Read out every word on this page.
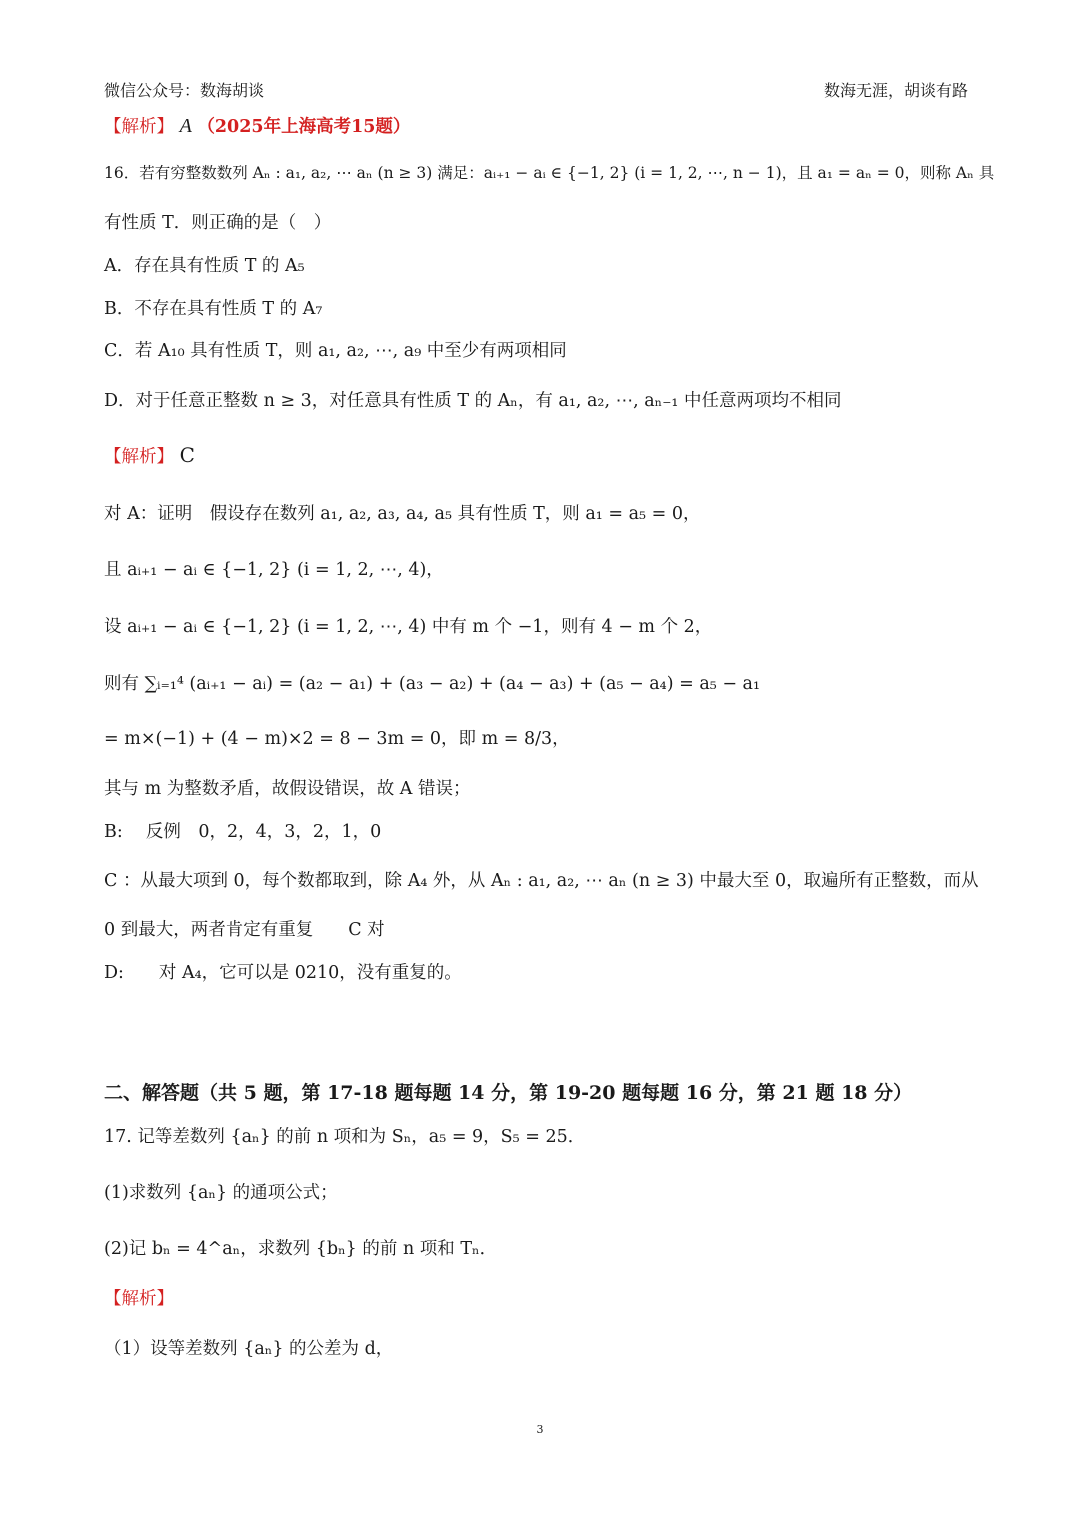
微信公众号：数海胡谈	数海无涯，胡谈有路
【解析】 A （2025年上海高考15题）
16．若有穷整数数列 Aₙ : a₁, a₂, ⋯ aₙ (n ≥ 3) 满足：aᵢ₊₁ − aᵢ ∈ {−1, 2} (i = 1, 2, ⋯, n − 1)，且 a₁ = aₙ = 0，则称 Aₙ 具
有性质 T．则正确的是（　）
A．存在具有性质 T 的 A₅
B．不存在具有性质 T 的 A₇
C．若 A₁₀ 具有性质 T，则 a₁, a₂, ⋯, a₉ 中至少有两项相同
D．对于任意正整数 n ≥ 3，对任意具有性质 T 的 Aₙ，有 a₁, a₂, ⋯, aₙ₋₁ 中任意两项均不相同
【解析】 C
对 A：证明　假设存在数列 a₁, a₂, a₃, a₄, a₅ 具有性质 T，则 a₁ = a₅ = 0，
且 aᵢ₊₁ − aᵢ ∈ {−1, 2} (i = 1, 2, ⋯, 4)，
设 aᵢ₊₁ − aᵢ ∈ {−1, 2} (i = 1, 2, ⋯, 4) 中有 m 个 −1，则有 4 − m 个 2，
则有 ∑ᵢ₌₁⁴ (aᵢ₊₁ − aᵢ) = (a₂ − a₁) + (a₃ − a₂) + (a₄ − a₃) + (a₅ − a₄) = a₅ − a₁
= m×(−1) + (4 − m)×2 = 8 − 3m = 0，即 m = 8/3，
其与 m 为整数矛盾，故假设错误，故 A 错误；
B:　 反例　0，2，4，3，2，1，0
C ：从最大项到 0，每个数都取到，除 A₄ 外，从 Aₙ : a₁, a₂, ⋯ aₙ (n ≥ 3) 中最大至 0，取遍所有正整数，而从
0 到最大，两者肯定有重复　　C 对
D:　　对 A₄，它可以是 0210，没有重复的。
二、解答题（共 5 题，第 17-18 题每题 14 分，第 19-20 题每题 16 分，第 21 题 18 分）
17. 记等差数列 {aₙ} 的前 n 项和为 Sₙ，a₅ = 9，S₅ = 25．
(1)求数列 {aₙ} 的通项公式；
(2)记 bₙ = 4^aₙ，求数列 {bₙ} 的前 n 项和 Tₙ．
【解析】
（1）设等差数列 {aₙ} 的公差为 d，
3
